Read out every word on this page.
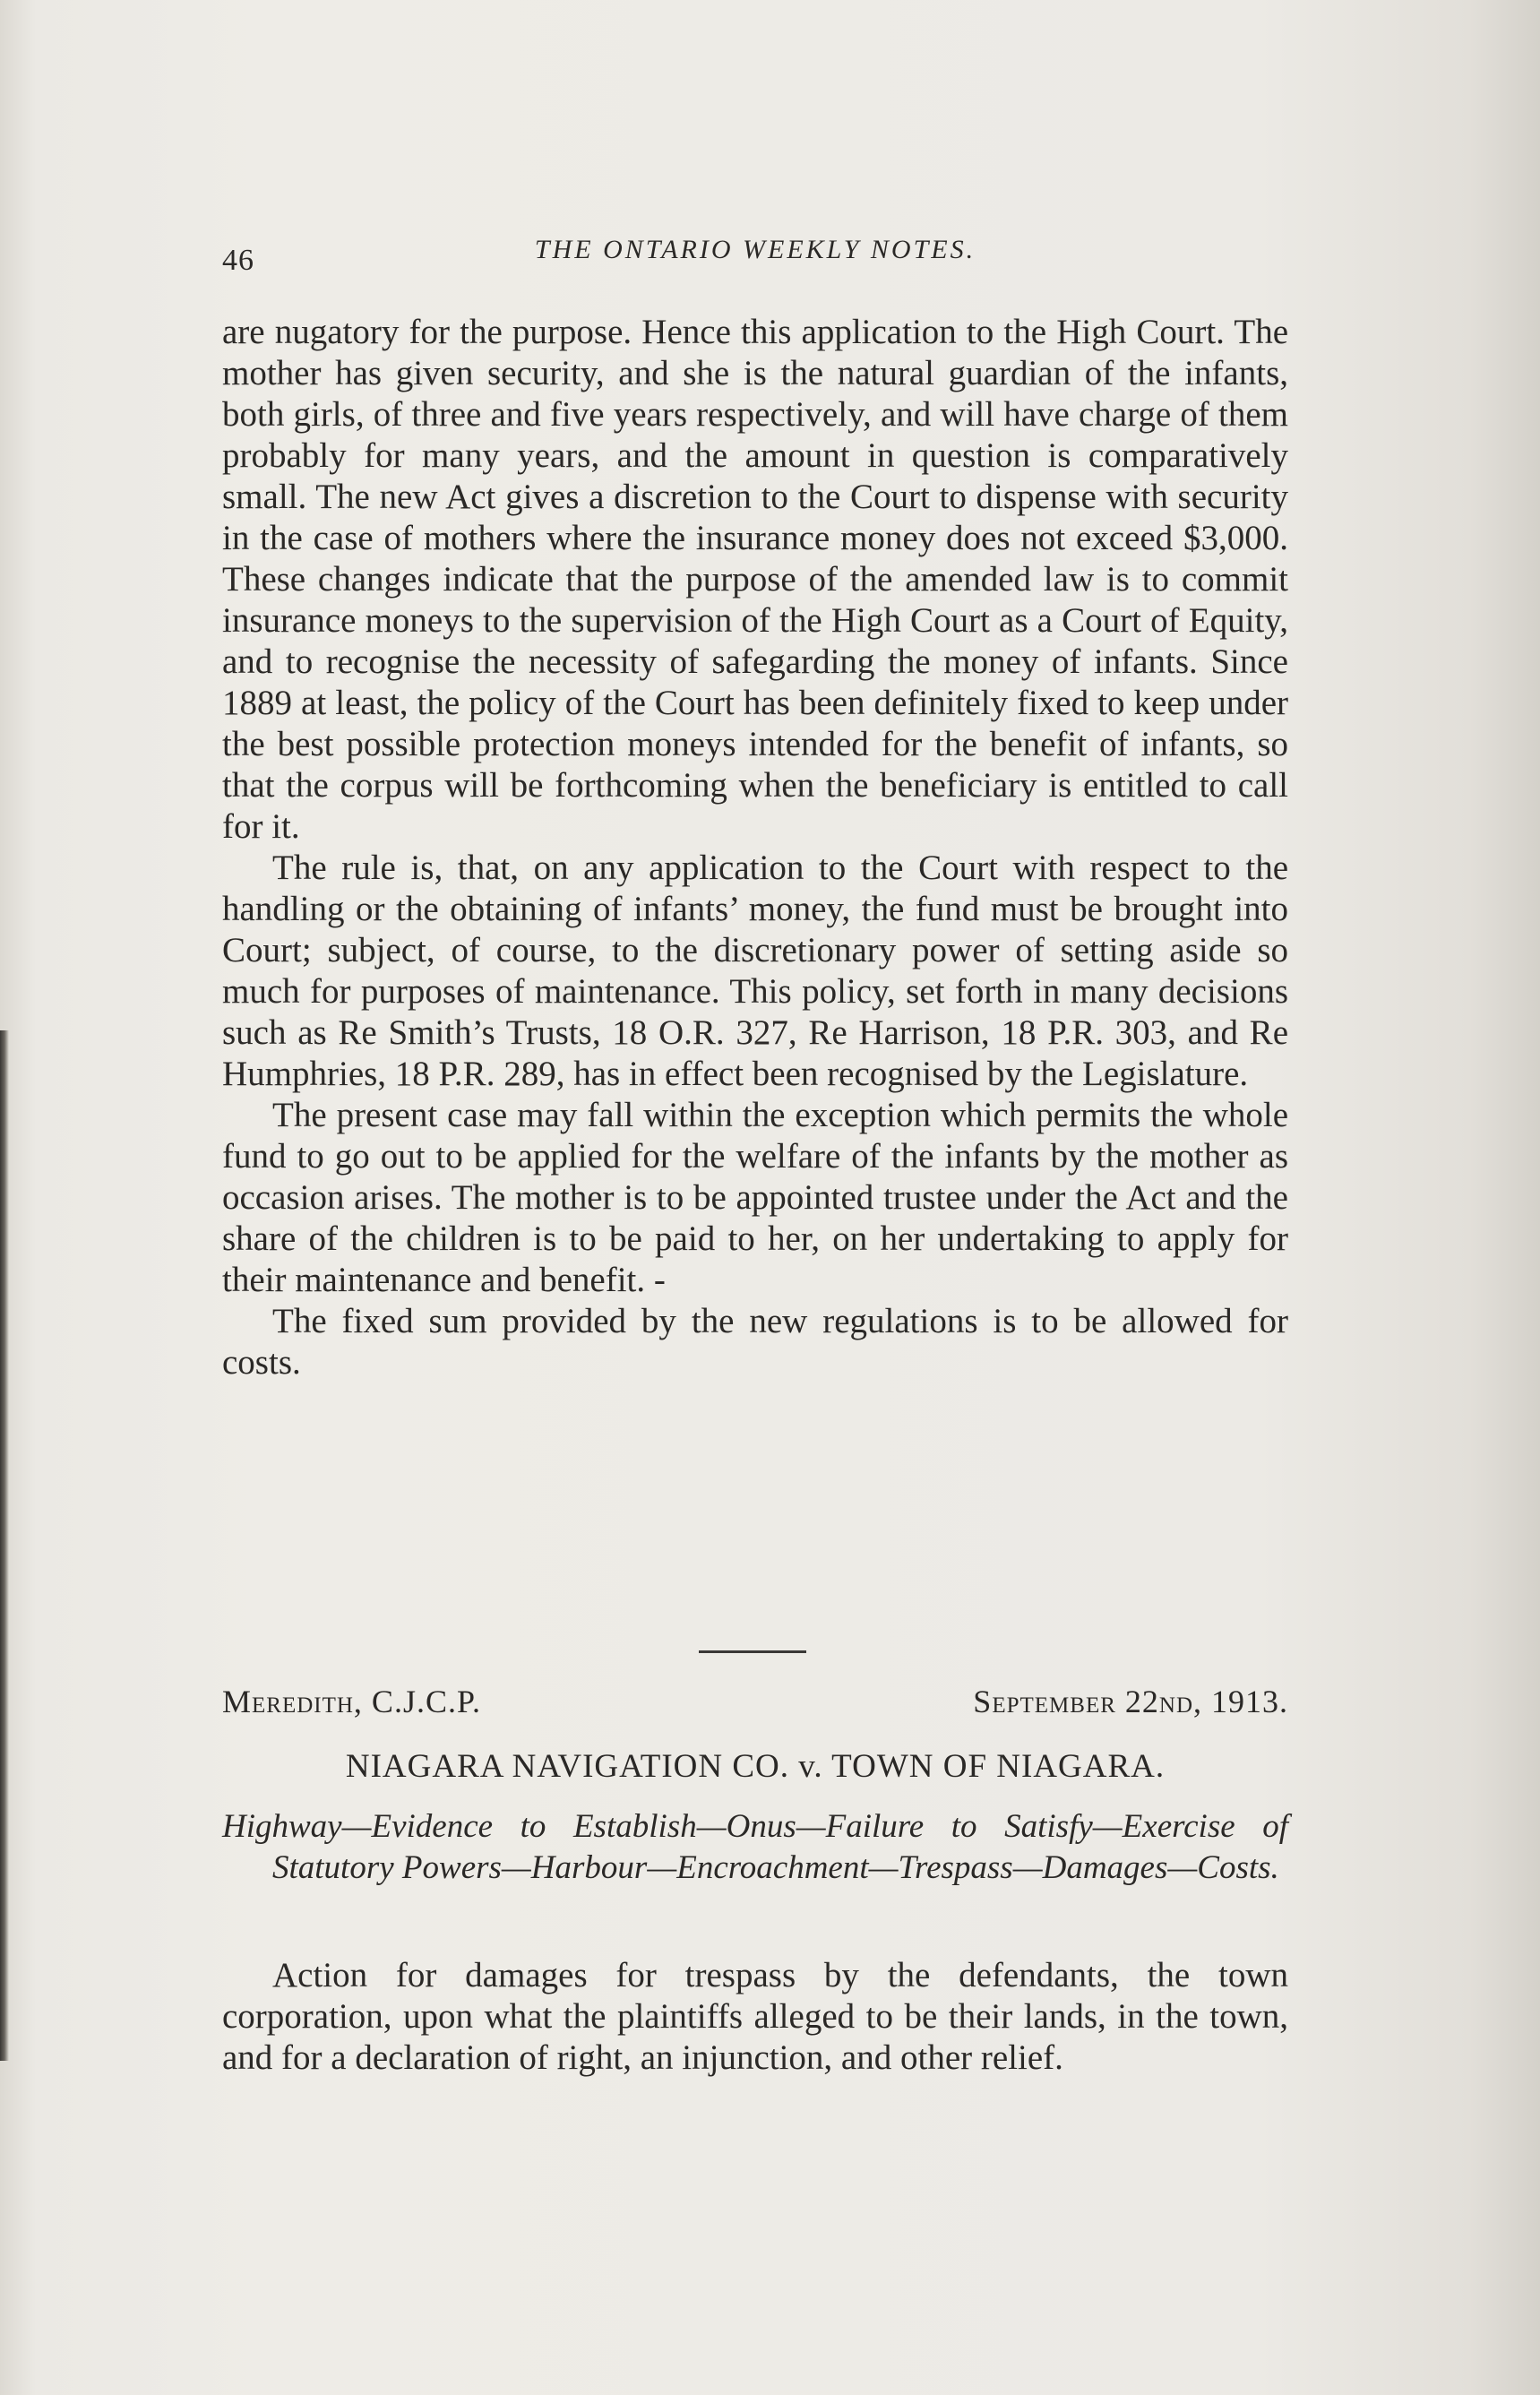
46	THE ONTARIO WEEKLY NOTES.

are nugatory for the purpose. Hence this application to the High Court. The mother has given security, and she is the natural guardian of the infants, both girls, of three and five years respectively, and will have charge of them probably for many years, and the amount in question is comparatively small. The new Act gives a discretion to the Court to dispense with security in the case of mothers where the insurance money does not exceed $3,000. These changes indicate that the purpose of the amended law is to commit insurance moneys to the supervision of the High Court as a Court of Equity, and to recognise the necessity of safegarding the money of infants. Since 1889 at least, the policy of the Court has been definitely fixed to keep under the best possible protection moneys intended for the benefit of infants, so that the corpus will be forthcoming when the beneficiary is entitled to call for it.

The rule is, that, on any application to the Court with respect to the handling or the obtaining of infants’ money, the fund must be brought into Court; subject, of course, to the discretionary power of setting aside so much for purposes of maintenance. This policy, set forth in many decisions such as Re Smith’s Trusts, 18 O.R. 327, Re Harrison, 18 P.R. 303, and Re Humphries, 18 P.R. 289, has in effect been recognised by the Legislature.

The present case may fall within the exception which permits the whole fund to go out to be applied for the welfare of the infants by the mother as occasion arises. The mother is to be appointed trustee under the Act and the share of the children is to be paid to her, on her undertaking to apply for their maintenance and benefit. -

The fixed sum provided by the new regulations is to be allowed for costs.

Meredith, C.J.C.P.	September 22nd, 1913.
NIAGARA NAVIGATION CO. v. TOWN OF NIAGARA.
Highway—Evidence to Establish—Onus—Failure to Satisfy—Exercise of Statutory Powers—Harbour—Encroachment—Trespass—Damages—Costs.

Action for damages for trespass by the defendants, the town corporation, upon what the plaintiffs alleged to be their lands, in the town, and for a declaration of right, an injunction, and other relief.
